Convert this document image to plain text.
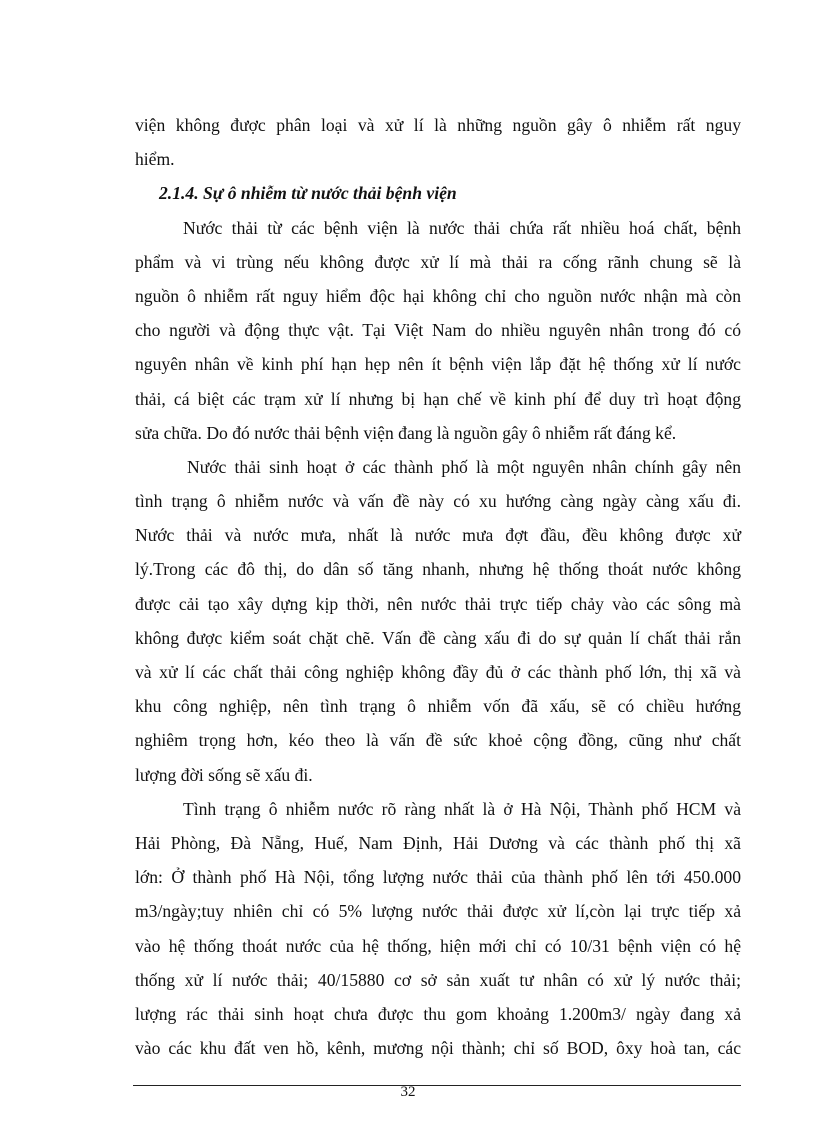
viện không được phân loại và xử lí là những nguồn gây ô nhiễm rất nguy
hiểm.
2.1.4. Sự ô nhiễm từ nước thải bệnh viện
Nước thải từ các bệnh viện là nước thải chứa rất nhiều hoá chất, bệnh
phẩm và vi trùng nếu không được xử lí mà thải ra cống rãnh chung sẽ là
nguồn ô nhiễm rất nguy hiểm độc hại không chỉ cho nguồn nước nhận mà còn
cho người và động thực vật. Tại Việt Nam do nhiều nguyên nhân trong đó có
nguyên nhân về kinh phí hạn hẹp nên ít bệnh viện lắp đặt hệ thống xử lí nước
thải, cá biệt các trạm xử lí nhưng bị hạn chế về kinh phí để duy trì hoạt động
sửa chữa. Do đó nước thải bệnh viện đang là nguồn gây ô nhiễm rất đáng kể.
Nước thải sinh hoạt ở các thành phố là một nguyên nhân chính gây nên
tình trạng ô nhiễm nước và vấn đề này có xu hướng càng ngày càng xấu đi.
Nước thải và nước mưa, nhất là nước mưa đợt đầu, đều không được xử
lý.Trong các đô thị, do dân số tăng nhanh, nhưng hệ thống thoát nước không
được cải tạo xây dựng kịp thời, nên nước thải trực tiếp chảy vào các sông mà
không được kiểm soát chặt chẽ. Vấn đề càng xấu đi do sự quản lí chất thải rắn
và xử lí các chất thải công nghiệp không đầy đủ ở các thành phố lớn, thị xã và
khu công nghiệp, nên tình trạng ô nhiễm vốn đã xấu, sẽ có chiều hướng
nghiêm trọng hơn, kéo theo là vấn đề sức khoẻ cộng đồng, cũng như chất
lượng đời sống sẽ xấu đi.
Tình trạng ô nhiễm nước rõ ràng nhất là ở Hà Nội, Thành phố HCM và
Hải Phòng, Đà Nẵng, Huế, Nam Định, Hải Dương và các thành phố thị xã
lớn: Ở thành phố Hà Nội, tổng lượng nước thải của thành phố lên tới 450.000
m3/ngày;tuy nhiên chỉ có 5% lượng nước thải được xử lí,còn lại trực tiếp xả
vào hệ thống thoát nước của hệ thống, hiện mới chỉ có 10/31 bệnh viện có hệ
thống xử lí nước thải; 40/15880 cơ sở sản xuất tư nhân có xử lý nước thải;
lượng rác thải sinh hoạt chưa được thu gom khoảng 1.200m3/ ngày đang xả
vào các khu đất ven hồ, kênh, mương nội thành; chỉ số BOD, ôxy hoà tan, các
32
